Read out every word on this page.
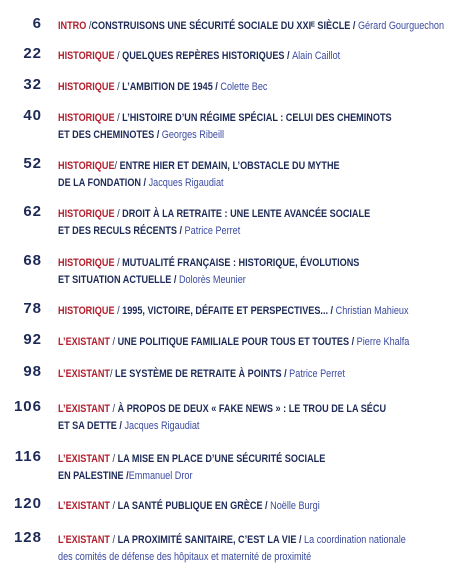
6 INTRO /CONSTRUISONS UNE SÉCURITÉ SOCIALE DU XXIᴱ SIÈCLE / Gérard Gourguechon
22 HISTORIQUE / QUELQUES REPÈRES HISTORIQUES / Alain Caillot
32 HISTORIQUE / L’AMBITION DE 1945 / Colette Bec
40 HISTORIQUE / L’HISTOIRE D’UN RÉGIME SPÉCIAL : CELUI DES CHEMINOTS
ET DES CHEMINOTES / Georges Ribeill
52 HISTORIQUE/ ENTRE HIER ET DEMAIN, L’OBSTACLE DU MYTHE
DE LA FONDATION / Jacques Rigaudiat
62 HISTORIQUE / DROIT À LA RETRAITE : UNE LENTE AVANCÉE SOCIALE
ET DES RECULS RÉCENTS / Patrice Perret
68 HISTORIQUE / MUTUALITÉ FRANÇAISE : HISTORIQUE, ÉVOLUTIONS
ET SITUATION ACTUELLE / Dolorès Meunier
78 HISTORIQUE / 1995, VICTOIRE, DÉFAITE ET PERSPECTIVES... / Christian Mahieux
92 L’EXISTANT / UNE POLITIQUE FAMILIALE POUR TOUS ET TOUTES / Pierre Khalfa
98 L’EXISTANT/ LE SYSTÈME DE RETRAITE À POINTS / Patrice Perret
106 L’EXISTANT / À PROPOS DE DEUX « FAKE NEWS » : LE TROU DE LA SÉCU
ET SA DETTE / Jacques Rigaudiat
116 L’EXISTANT / LA MISE EN PLACE D’UNE SÉCURITÉ SOCIALE
EN PALESTINE /Emmanuel Dror
120 L’EXISTANT / LA SANTÉ PUBLIQUE EN GRÈCE / Noëlle Burgi
128 L’EXISTANT / LA PROXIMITÉ SANITAIRE, C’EST LA VIE / La coordination nationale
des comités de défense des hôpitaux et maternité de proximité
